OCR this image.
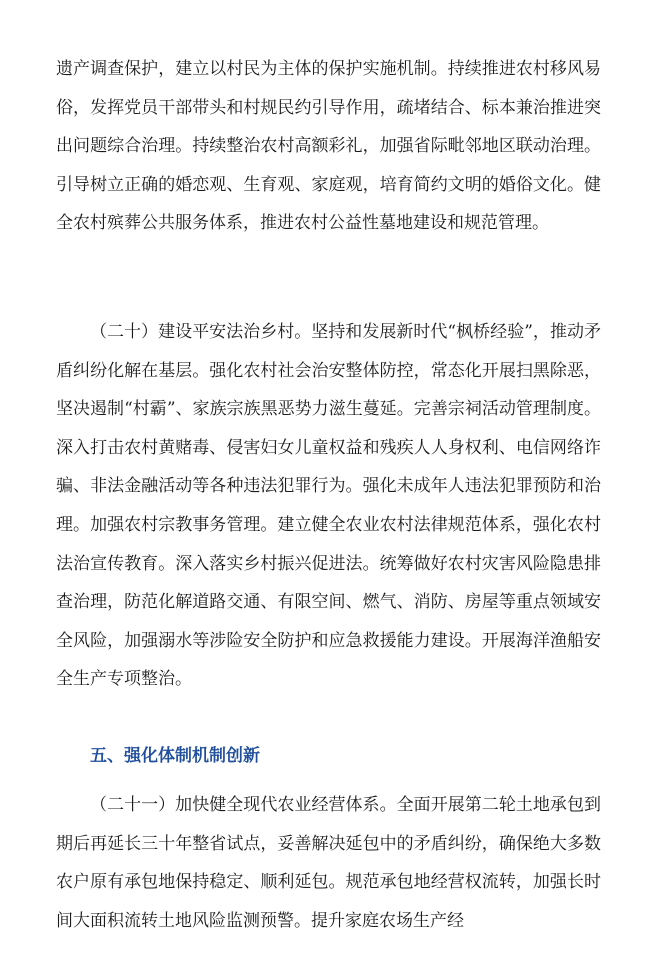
遗产调查保护，建立以村民为主体的保护实施机制。持续推进农村移风易俗，发挥党员干部带头和村规民约引导作用，疏堵结合、标本兼治推进突出问题综合治理。持续整治农村高额彩礼，加强省际毗邻地区联动治理。引导树立正确的婚恋观、生育观、家庭观，培育简约文明的婚俗文化。健全农村殡葬公共服务体系，推进农村公益性墓地建设和规范管理。

（二十）建设平安法治乡村。坚持和发展新时代“枫桥经验”，推动矛盾纠纷化解在基层。强化农村社会治安整体防控，常态化开展扫黑除恶，坚决遏制“村霸”、家族宗族黑恶势力滋生蔓延。完善宗祠活动管理制度。深入打击农村黄赌毒、侵害妇女儿童权益和残疾人人身权利、电信网络诈骗、非法金融活动等各种违法犯罪行为。强化未成年人违法犯罪预防和治理。加强农村宗教事务管理。建立健全农业农村法律规范体系，强化农村法治宣传教育。深入落实乡村振兴促进法。统筹做好农村灾害风险隐患排查治理，防范化解道路交通、有限空间、燃气、消防、房屋等重点领域安全风险，加强溺水等涉险安全防护和应急救援能力建设。开展海洋渔船安全生产专项整治。

五、强化体制机制创新

（二十一）加快健全现代农业经营体系。全面开展第二轮土地承包到期后再延长三十年整省试点，妥善解决延包中的矛盾纠纷，确保绝大多数农户原有承包地保持稳定、顺利延包。规范承包地经营权流转，加强长时间大面积流转土地风险监测预警。提升家庭农场生产经
